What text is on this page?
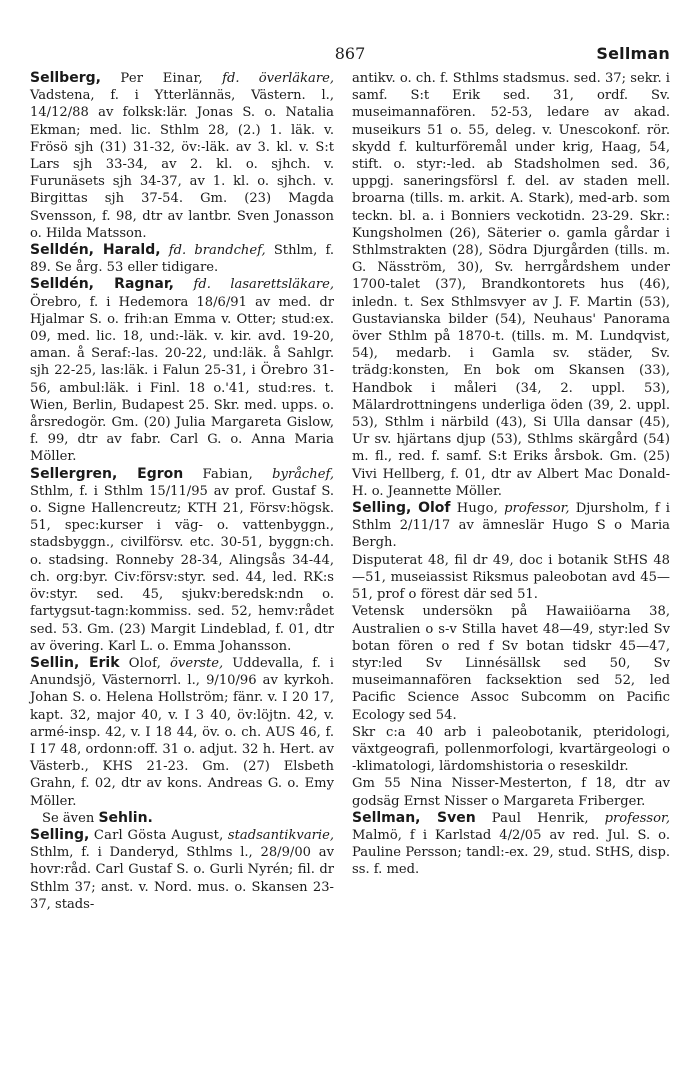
867	Sellman

Sellberg, Per Einar, fd. överläkare, Vadstena, f. i Ytterlännäs, Västern. l., 14/12/88 av folksk:lär. Jonas S. o. Natalia Ekman; med. lic. Sthlm 28, (2.) 1. läk. v. Frösö sjh (31) 31-32, öv:-läk. av 3. kl. v. S:t Lars sjh 33-34, av 2. kl. o. sjhch. v. Furunäsets sjh 34-37, av 1. kl. o. sjhch. v. Birgittas sjh 37-54. Gm. (23) Magda Svensson, f. 98, dtr av lantbr. Sven Jonasson o. Hilda Matsson.

Selldén, Harald, fd. brandchef, Sthlm, f. 89. Se årg. 53 eller tidigare.

Selldén, Ragnar, fd. lasarettsläkare, Örebro, f. i Hedemora 18/6/91 av med. dr Hjalmar S. o. frih:an Emma v. Otter; stud:ex. 09, med. lic. 18, und:-läk. v. kir. avd. 19-20, aman. å Seraf:-las. 20-22, und:läk. å Sahlgr. sjh 22-25, las:läk. i Falun 25-31, i Örebro 31-56, ambul:läk. i Finl. 18 o.'41, stud:res. t. Wien, Berlin, Budapest 25. Skr. med. upps. o. årsredogör. Gm. (20) Julia Margareta Gislow, f. 99, dtr av fabr. Carl G. o. Anna Maria Möller.

Sellergren, Egron Fabian, byråchef, Sthlm, f. i Sthlm 15/11/95 av prof. Gustaf S. o. Signe Hallencreutz; KTH 21, Försv:högsk. 51, spec:kurser i väg- o. vattenbyggn., stadsbyggn., civilförsv. etc. 30-51, byggn:ch. o. stadsing. Ronneby 28-34, Alingsås 34-44, ch. org:byr. Civ:försv:styr. sed. 44, led. RK:s öv:styr. sed. 45, sjukv:beredsk:ndn o. fartygsut-tagn:kommiss. sed. 52, hemv:rådet sed. 53. Gm. (23) Margit Lindeblad, f. 01, dtr av övering. Karl L. o. Emma Johansson.

Sellin, Erik Olof, överste, Uddevalla, f. i Anundsjö, Västernorrl. l., 9/10/96 av kyrkoh. Johan S. o. Helena Hollström; fänr. v. I 20 17, kapt. 32, major 40, v. I 3 40, öv:löjtn. 42, v. armé-insp. 42, v. I 18 44, öv. o. ch. AUS 46, f. I 17 48, ordonn:off. 31 o. adjut. 32 h. Hert. av Västerb., KHS 21-23. Gm. (27) Elsbeth Grahn, f. 02, dtr av kons. Andreas G. o. Emy Möller.

Se även Sehlin.

Selling, Carl Gösta August, stadsantikvarie, Sthlm, f. i Danderyd, Sthlms l., 28/9/00 av hovr:råd. Carl Gustaf S. o. Gurli Nyrén; fil. dr Sthlm 37; anst. v. Nord. mus. o. Skansen 23-37, stads-

antikv. o. ch. f. Sthlms stadsmus. sed. 37; sekr. i samf. S:t Erik sed. 31, ordf. Sv. museimannafören. 52-53, ledare av akad. museikurs 51 o. 55, deleg. v. Unescokonf. rör. skydd f. kulturföremål under krig, Haag, 54, stift. o. styr:-led. ab Stadsholmen sed. 36, uppgj. saneringsförsl f. del. av staden mell. broarna (tills. m. arkit. A. Stark), med-arb. som teckn. bl. a. i Bonniers veckotidn. 23-29. Skr.: Kungsholmen (26), Säterier o. gamla gårdar i Sthlmstrakten (28), Södra Djurgården (tills. m. G. Näsström, 30), Sv. herrgårdshem under 1700-talet (37), Brandkontorets hus (46), inledn. t. Sex Sthlmsvyer av J. F. Martin (53), Gustavianska bilder (54), Neuhaus' Panorama över Sthlm på 1870-t. (tills. m. M. Lundqvist, 54), medarb. i Gamla sv. städer, Sv. trädg:konsten, En bok om Skansen (33), Handbok i måleri (34, 2. uppl. 53), Mälardrottningens underliga öden (39, 2. uppl. 53), Sthlm i närbild (43), Si Ulla dansar (45), Ur sv. hjärtans djup (53), Sthlms skärgård (54) m. fl., red. f. samf. S:t Eriks årsbok. Gm. (25) Vivi Hellberg, f. 01, dtr av Albert Mac Donald-H. o. Jeannette Möller.

Selling, Olof Hugo, professor, Djursholm, f i Sthlm 2/11/17 av ämneslär Hugo S o Maria Bergh.

Disputerat 48, fil dr 49, doc i botanik StHS 48—51, museiassist Riksmus paleobotan avd 45—51, prof o förest där sed 51.

Vetensk undersökn på Hawaiiöarna 38, Australien o s-v Stilla havet 48—49, styr:led Sv botan fören o red f Sv botan tidskr 45—47, styr:led Sv Linnésällsk sed 50, Sv museimannafören facksektion sed 52, led Pacific Science Assoc Subcomm on Pacific Ecology sed 54.

Skr c:a 40 arb i paleobotanik, pteridologi, växtgeografi, pollenmorfologi, kvartärgeologi o -klimatologi, lärdomshistoria o reseskildr.

Gm 55 Nina Nisser-Mesterton, f 18, dtr av godsäg Ernst Nisser o Margareta Friberger.

Sellman, Sven Paul Henrik, professor, Malmö, f i Karlstad 4/2/05 av red. Jul. S. o. Pauline Persson; tandl:-ex. 29, stud. StHS, disp. ss. f. med.
